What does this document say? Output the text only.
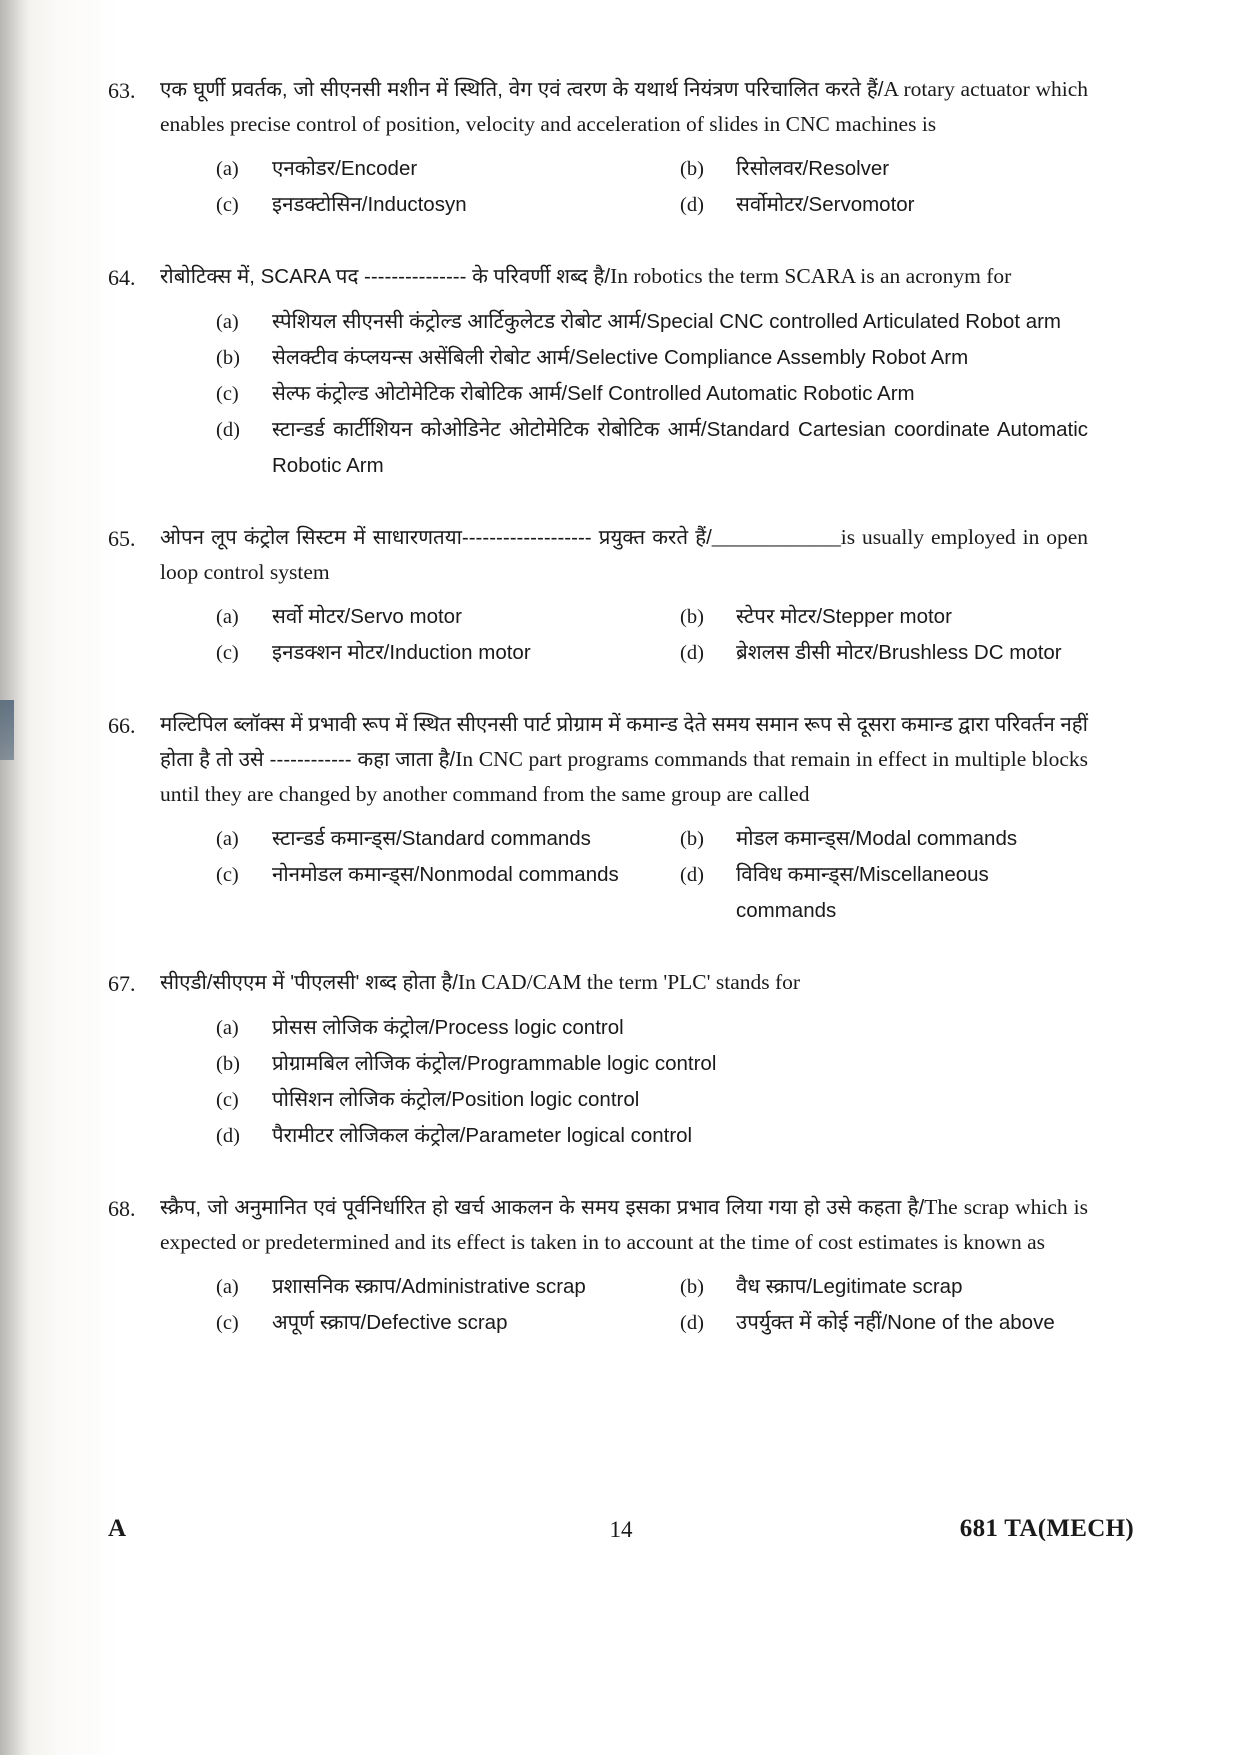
63.	एक घूर्णी प्रवर्तक, जो सीएनसी मशीन में स्थिति, वेग एवं त्वरण के यथार्थ नियंत्रण परिचालित करते हैं/A rotary actuator which enables precise control of position, velocity and acceleration of slides in CNC machines is
(a)	एनकोडर/Encoder	(b)	रिसोलवर/Resolver
(c)	इनडक्टोसिन/Inductosyn	(d)	सर्वोमोटर/Servomotor
64.	रोबोटिक्स में, SCARA पद --------------- के परिवर्णी शब्द है/In robotics the term SCARA is an acronym for
(a)	स्पेशियल सीएनसी कंट्रोल्ड आर्टिकुलेटड रोबोट आर्म/Special CNC controlled Articulated Robot arm
(b)	सेलक्टीव कंप्लयन्स असेंबिली रोबोट आर्म/Selective Compliance Assembly Robot Arm
(c)	सेल्फ कंट्रोल्ड ओटोमेटिक रोबोटिक आर्म/Self Controlled Automatic Robotic Arm
(d)	स्टान्डर्ड कार्टीशियन कोओडिनेट ओटोमेटिक रोबोटिक आर्म/Standard Cartesian coordinate Automatic Robotic Arm
65.	ओपन लूप कंट्रोल सिस्टम में साधारणतया------------------- प्रयुक्त करते हैं/____________is usually employed in open loop control system
(a)	सर्वो मोटर/Servo motor	(b)	स्टेपर मोटर/Stepper motor
(c)	इनडक्शन मोटर/Induction motor	(d)	ब्रेशलस डीसी मोटर/Brushless DC motor
66.	मल्टिपिल ब्लॉक्स में प्रभावी रूप में स्थित सीएनसी पार्ट प्रोग्राम में कमान्ड देते समय समान रूप से दूसरा कमान्ड द्वारा परिवर्तन नहीं होता है तो उसे ------------ कहा जाता है/In CNC part programs commands that remain in effect in multiple blocks until they are changed by another command from the same group are called
(a)	स्टान्डर्ड कमान्ड्स/Standard commands	(b)	मोडल कमान्ड्स/Modal commands
(c)	नोनमोडल कमान्ड्स/Nonmodal commands	(d)	विविध कमान्ड्स/Miscellaneous commands
67.	सीएडी/सीएएम में 'पीएलसी' शब्द होता है/In CAD/CAM the term 'PLC' stands for
(a)	प्रोसस लोजिक कंट्रोल/Process logic control
(b)	प्रोग्रामबिल लोजिक कंट्रोल/Programmable logic control
(c)	पोसिशन लोजिक कंट्रोल/Position logic control
(d)	पैरामीटर लोजिकल कंट्रोल/Parameter logical control
68.	स्क्रैप, जो अनुमानित एवं पूर्वनिर्धारित हो खर्च आकलन के समय इसका प्रभाव लिया गया हो उसे कहता है/The scrap which is expected or predetermined and its effect is taken in to account at the time of cost estimates is known as
(a)	प्रशासनिक स्क्राप/Administrative scrap	(b)	वैध स्क्राप/Legitimate scrap
(c)	अपूर्ण स्क्राप/Defective scrap	(d)	उपर्युक्त में कोई नहीं/None of the above
A	14	681 TA(MECH)
